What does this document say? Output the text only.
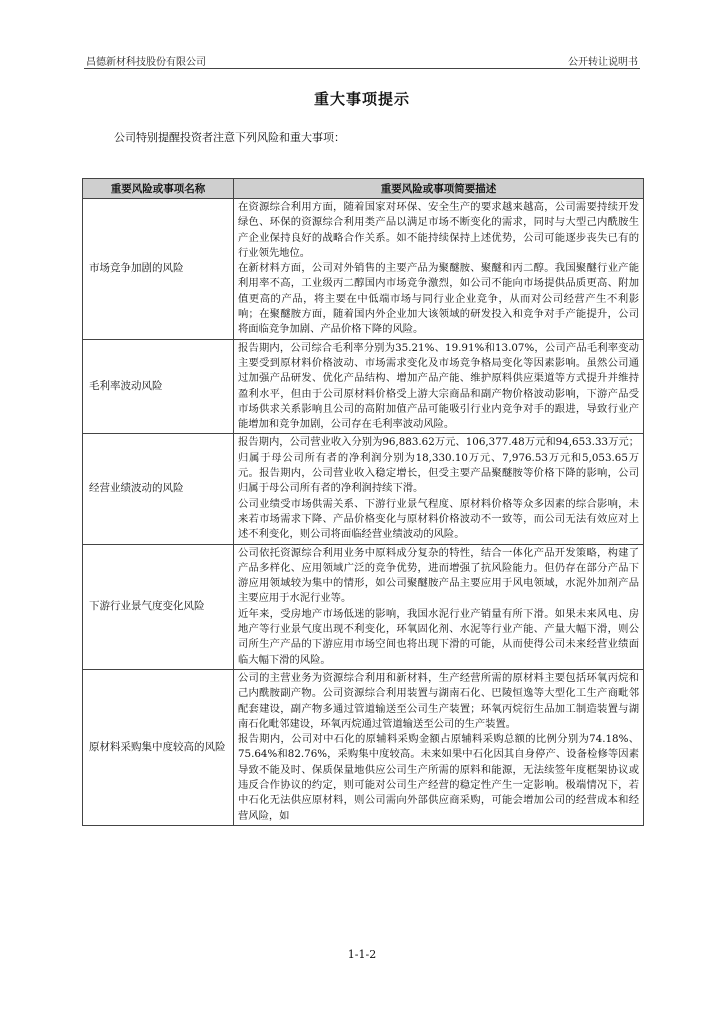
昌德新材科技股份有限公司	公开转让说明书
重大事项提示
公司特别提醒投资者注意下列风险和重大事项：
重要风险或事项名称	重要风险或事项简要描述
市场竞争加剧的风险	在资源综合利用方面，随着国家对环保、安全生产的要求越来越高，公司需要持续开发绿色、环保的资源综合利用类产品以满足市场不断变化的需求，同时与大型己内酰胺生产企业保持良好的战略合作关系。如不能持续保持上述优势，公司可能逐步丧失已有的行业领先地位。

在新材料方面，公司对外销售的主要产品为聚醚胺、聚醚和丙二醇。我国聚醚行业产能利用率不高，工业级丙二醇国内市场竞争激烈，如公司不能向市场提供品质更高、附加值更高的产品，将主要在中低端市场与同行业企业竞争，从而对公司经营产生不利影响；在聚醚胺方面，随着国内外企业加大该领域的研发投入和竞争对手产能提升，公司将面临竞争加剧、产品价格下降的风险。

毛利率波动风险	报告期内，公司综合毛利率分别为35.21%、19.91%和13.07%，公司产品毛利率变动主要受到原材料价格波动、市场需求变化及市场竞争格局变化等因素影响。虽然公司通过加强产品研发、优化产品结构、增加产品产能、维护原料供应渠道等方式提升并维持盈利水平，但由于公司原材料价格受上游大宗商品和副产物价格波动影响，下游产品受市场供求关系影响且公司的高附加值产品可能吸引行业内竞争对手的跟进，导致行业产能增加和竞争加剧，公司存在毛利率波动风险。

经营业绩波动的风险	报告期内，公司营业收入分别为96,883.62万元、106,377.48万元和94,653.33万元；归属于母公司所有者的净利润分别为18,330.10万元、7,976.53万元和5,053.65万元。报告期内，公司营业收入稳定增长，但受主要产品聚醚胺等价格下降的影响，公司归属于母公司所有者的净利润持续下滑。

公司业绩受市场供需关系、下游行业景气程度、原材料价格等众多因素的综合影响，未来若市场需求下降、产品价格变化与原材料价格波动不一致等，而公司无法有效应对上述不利变化，则公司将面临经营业绩波动的风险。

下游行业景气度变化风险	公司依托资源综合利用业务中原料成分复杂的特性，结合一体化产品开发策略，构建了产品多样化、应用领域广泛的竞争优势，进而增强了抗风险能力。但仍存在部分产品下游应用领域较为集中的情形，如公司聚醚胺产品主要应用于风电领域，水泥外加剂产品主要应用于水泥行业等。

近年来，受房地产市场低迷的影响，我国水泥行业产销量有所下滑。如果未来风电、房地产等行业景气度出现不利变化，环氧固化剂、水泥等行业产能、产量大幅下滑，则公司所生产产品的下游应用市场空间也将出现下滑的可能，从而使得公司未来经营业绩面临大幅下滑的风险。

原材料采购集中度较高的风险	公司的主营业务为资源综合利用和新材料，生产经营所需的原材料主要包括环氧丙烷和己内酰胺副产物。公司资源综合利用装置与湖南石化、巴陵恒逸等大型化工生产商毗邻配套建设，副产物多通过管道输送至公司生产装置；环氧丙烷衍生品加工制造装置与湖南石化毗邻建设，环氧丙烷通过管道输送至公司的生产装置。

报告期内，公司对中石化的原辅料采购金额占原辅料采购总额的比例分别为74.18%、75.64%和82.76%，采购集中度较高。未来如果中石化因其自身停产、设备检修等因素导致不能及时、保质保量地供应公司生产所需的原料和能源，无法续签年度框架协议或违反合作协议的约定，则可能对公司生产经营的稳定性产生一定影响。极端情况下，若中石化无法供应原材料，则公司需向外部供应商采购，可能会增加公司的经营成本和经营风险，如

1-1-2
